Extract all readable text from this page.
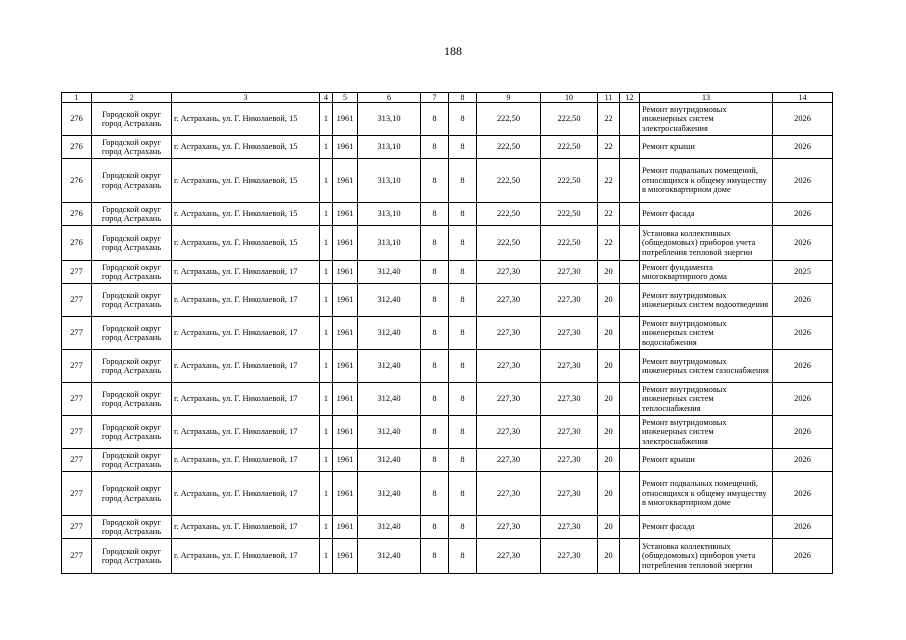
188
1	2	3	4	5	6	7	8	9	10	11	12	13	14
276	Городской округ город Астрахань	г. Астрахань, ул. Г. Николаевой, 15	1	1961	313,10	8	8	222,50	222,50	22		Ремонт внутридомовых инженерных систем электроснабжения	2026
276	Городской округ город Астрахань	г. Астрахань, ул. Г. Николаевой, 15	1	1961	313,10	8	8	222,50	222,50	22		Ремонт крыши	2026
276	Городской округ город Астрахань	г. Астрахань, ул. Г. Николаевой, 15	1	1961	313,10	8	8	222,50	222,50	22		Ремонт подвальных помещений, относящихся к общему имуществу в многоквартирном доме	2026
276	Городской округ город Астрахань	г. Астрахань, ул. Г. Николаевой, 15	1	1961	313,10	8	8	222,50	222,50	22		Ремонт фасада	2026
276	Городской округ город Астрахань	г. Астрахань, ул. Г. Николаевой, 15	1	1961	313,10	8	8	222,50	222,50	22		Установка коллективных (общедомовых) приборов учета потребления тепловой энергии	2026
277	Городской округ город Астрахань	г. Астрахань, ул. Г. Николаевой, 17	1	1961	312,40	8	8	227,30	227,30	20		Ремонт фундамента многоквартирного дома	2025
277	Городской округ город Астрахань	г. Астрахань, ул. Г. Николаевой, 17	1	1961	312,40	8	8	227,30	227,30	20		Ремонт внутридомовых инженерных систем водоотведения	2026
277	Городской округ город Астрахань	г. Астрахань, ул. Г. Николаевой, 17	1	1961	312,40	8	8	227,30	227,30	20		Ремонт внутридомовых инженерных систем водоснабжения	2026
277	Городской округ город Астрахань	г. Астрахань, ул. Г. Николаевой, 17	1	1961	312,40	8	8	227,30	227,30	20		Ремонт внутридомовых инженерных систем газоснабжения	2026
277	Городской округ город Астрахань	г. Астрахань, ул. Г. Николаевой, 17	1	1961	312,40	8	8	227,30	227,30	20		Ремонт внутридомовых инженерных систем теплоснабжения	2026
277	Городской округ город Астрахань	г. Астрахань, ул. Г. Николаевой, 17	1	1961	312,40	8	8	227,30	227,30	20		Ремонт внутридомовых инженерных систем электроснабжения	2026
277	Городской округ город Астрахань	г. Астрахань, ул. Г. Николаевой, 17	1	1961	312,40	8	8	227,30	227,30	20		Ремонт крыши	2026
277	Городской округ город Астрахань	г. Астрахань, ул. Г. Николаевой, 17	1	1961	312,40	8	8	227,30	227,30	20		Ремонт подвальных помещений, относящихся к общему имуществу в многоквартирном доме	2026
277	Городской округ город Астрахань	г. Астрахань, ул. Г. Николаевой, 17	1	1961	312,40	8	8	227,30	227,30	20		Ремонт фасада	2026
277	Городской округ город Астрахань	г. Астрахань, ул. Г. Николаевой, 17	1	1961	312,40	8	8	227,30	227,30	20		Установка коллективных (общедомовых) приборов учета потребления тепловой энергии	2026
